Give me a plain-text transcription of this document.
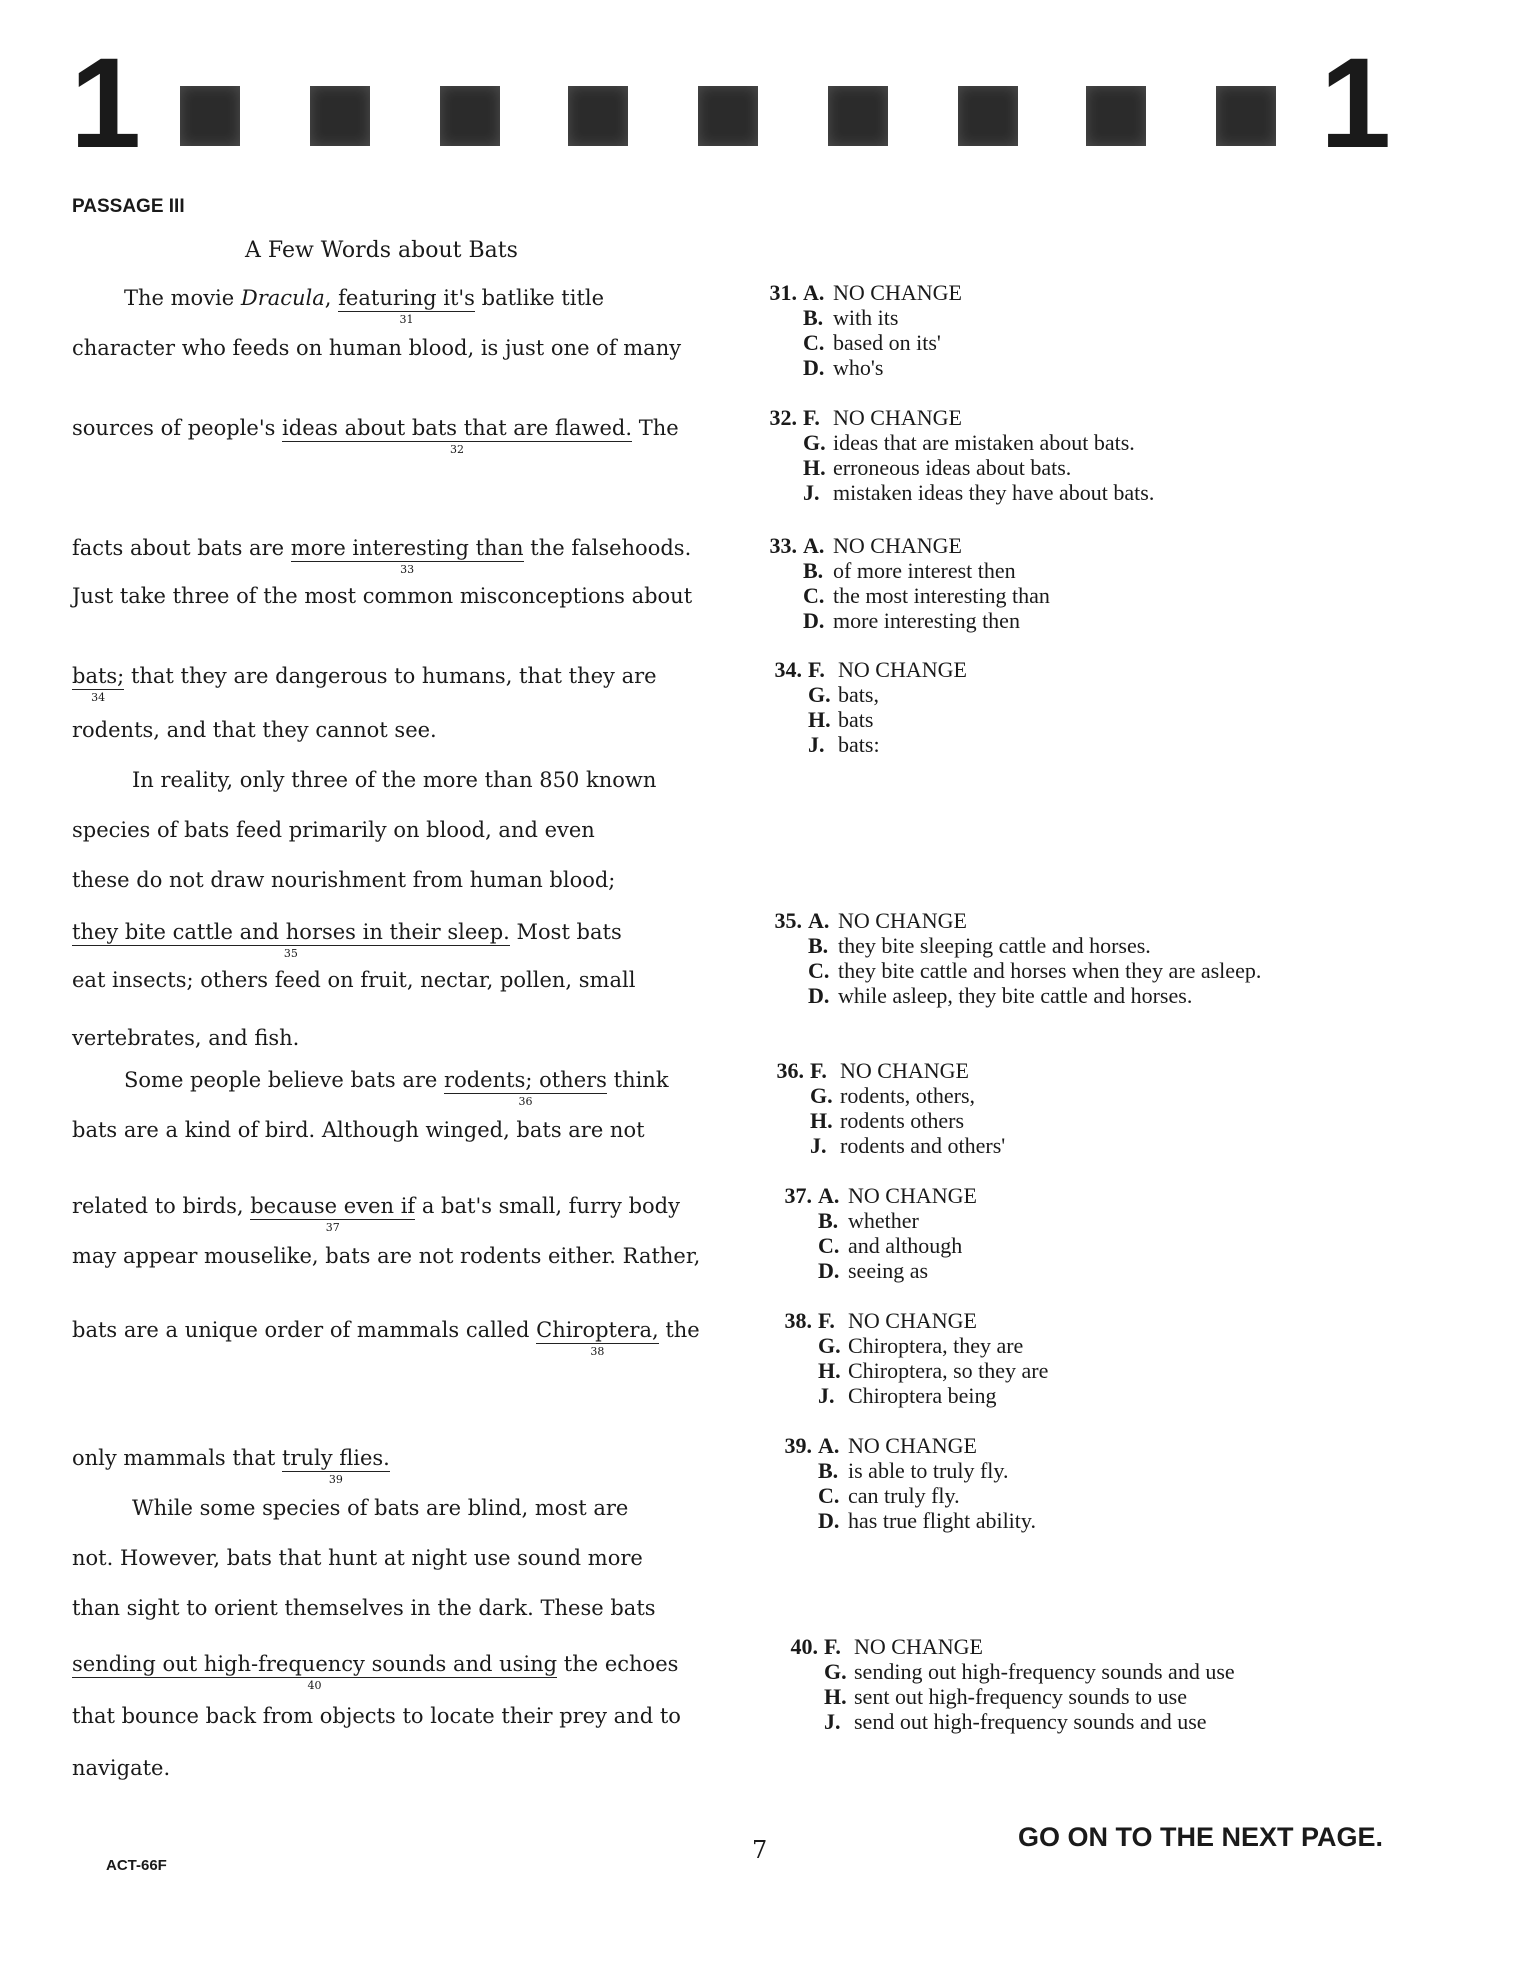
1	1
PASSAGE III
A Few Words about Bats
The movie Dracula, featuring it's
31
batlike title
character who feeds on human blood, is just one of many
sources of people's ideas about bats that are flawed.
32
The
facts about bats are more interesting than
33
the falsehoods.
Just take three of the most common misconceptions about
bats;
34
that they are dangerous to humans, that they are
rodents, and that they cannot see.
In reality, only three of the more than 850 known
species of bats feed primarily on blood, and even
these do not draw nourishment from human blood;
they bite cattle and horses in their sleep.
35
Most bats
eat insects; others feed on fruit, nectar, pollen, small
vertebrates, and fish.
Some people believe bats are rodents; others
36
think
bats are a kind of bird. Although winged, bats are not
related to birds, because even if
37
a bat's small, furry body
may appear mouselike, bats are not rodents either. Rather,
bats are a unique order of mammals called Chiroptera,
38
the
only mammals that truly flies.
39
While some species of bats are blind, most are
not. However, bats that hunt at night use sound more
than sight to orient themselves in the dark. These bats
sending out high-frequency sounds and using
40
the echoes
that bounce back from objects to locate their prey and to
navigate.
31. A. NO CHANGE
B. with its
C. based on its'
D. who's
32. F. NO CHANGE
G. ideas that are mistaken about bats.
H. erroneous ideas about bats.
J. mistaken ideas they have about bats.
33. A. NO CHANGE
B. of more interest then
C. the most interesting than
D. more interesting then
34. F. NO CHANGE
G. bats,
H. bats
J. bats:
35. A. NO CHANGE
B. they bite sleeping cattle and horses.
C. they bite cattle and horses when they are asleep.
D. while asleep, they bite cattle and horses.
36. F. NO CHANGE
G. rodents, others,
H. rodents others
J. rodents and others'
37. A. NO CHANGE
B. whether
C. and although
D. seeing as
38. F. NO CHANGE
G. Chiroptera, they are
H. Chiroptera, so they are
J. Chiroptera being
39. A. NO CHANGE
B. is able to truly fly.
C. can truly fly.
D. has true flight ability.
40. F. NO CHANGE
G. sending out high-frequency sounds and use
H. sent out high-frequency sounds to use
J. send out high-frequency sounds and use
ACT-66F
7	GO ON TO THE NEXT PAGE.
